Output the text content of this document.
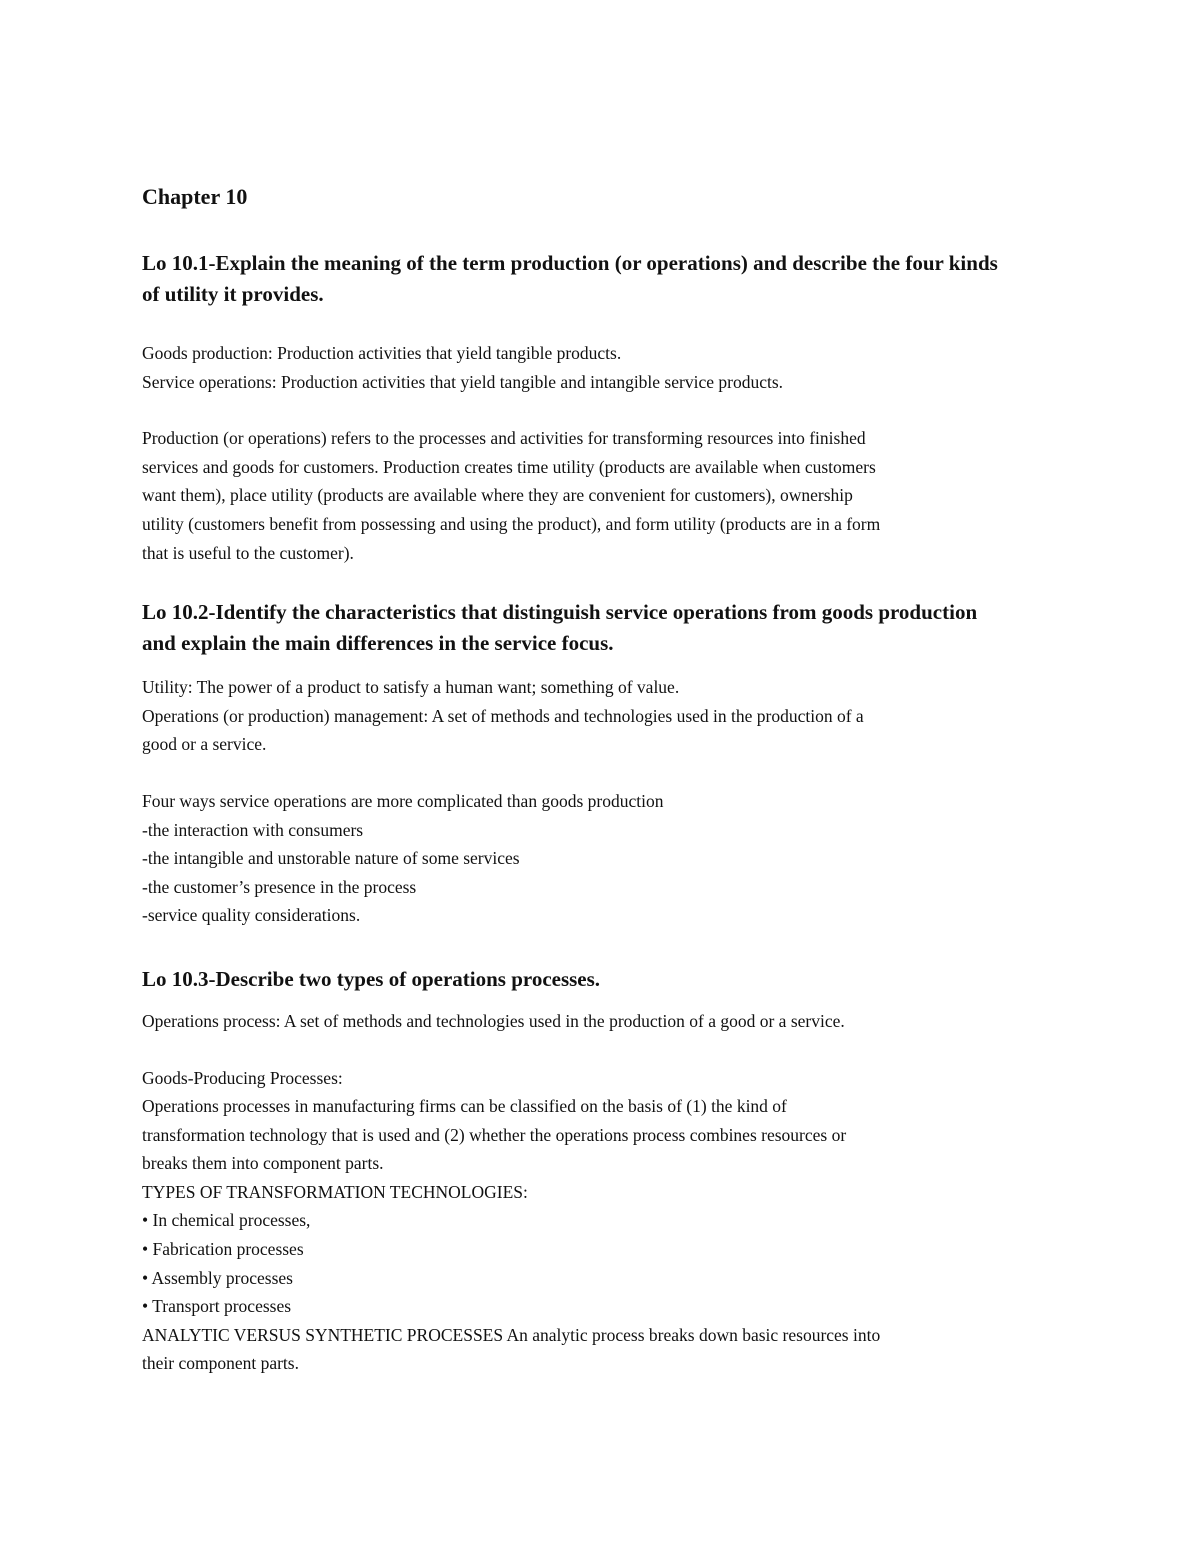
Chapter 10
Lo 10.1-Explain the meaning of the term production (or operations) and describe the four kinds
of utility it provides.

Goods production: Production activities that yield tangible products.
Service operations: Production activities that yield tangible and intangible service products.

Production (or operations) refers to the processes and activities for transforming resources into finished
services and goods for customers. Production creates time utility (products are available when customers
want them), place utility (products are available where they are convenient for customers), ownership
utility (customers benefit from possessing and using the product), and form utility (products are in a form
that is useful to the customer).

Lo 10.2-Identify the characteristics that distinguish service operations from goods production
and explain the main differences in the service focus.

Utility: The power of a product to satisfy a human want; something of value.
Operations (or production) management: A set of methods and technologies used in the production of a
good or a service.

Four ways service operations are more complicated than goods production
-the interaction with consumers
-the intangible and unstorable nature of some services
-the customer’s presence in the process
-service quality considerations.

Lo 10.3-Describe two types of operations processes.

Operations process: A set of methods and technologies used in the production of a good or a service.

Goods-Producing Processes:
Operations processes in manufacturing firms can be classified on the basis of (1) the kind of
transformation technology that is used and (2) whether the operations process combines resources or
breaks them into component parts.
TYPES OF TRANSFORMATION TECHNOLOGIES:
• In chemical processes,
• Fabrication processes
• Assembly processes
• Transport processes
ANALYTIC VERSUS SYNTHETIC PROCESSES An analytic process breaks down basic resources into
their component parts.
